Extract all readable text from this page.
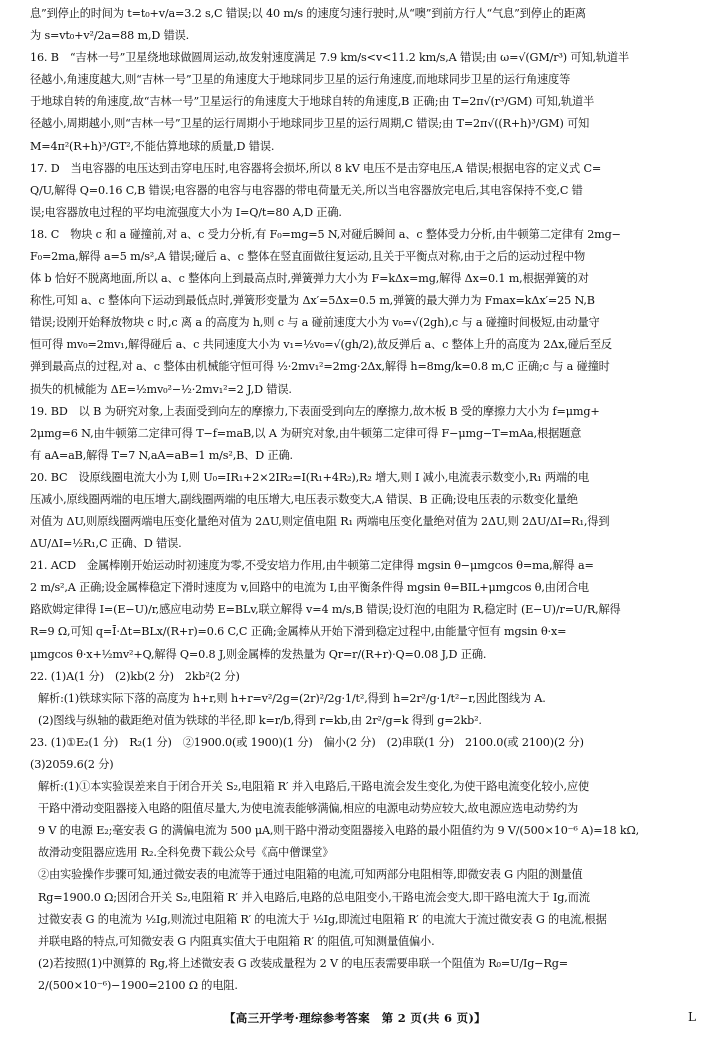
息”到停止的时间为 t=t₀+v/a=3.2 s,C 错误;以 40 m/s 的速度匀速行驶时,从“噢”到前方行人“气息”到停止的距离
为 s=vt₀+v²/2a=88 m,D 错误.
16. B　“吉林一号”卫星绕地球做圆周运动,故发射速度满足 7.9 km/s<v<11.2 km/s,A 错误;由 ω=√(GM/r³) 可知,轨道半
径越小,角速度越大,则“吉林一号”卫星的角速度大于地球同步卫星的运行角速度,而地球同步卫星的运行角速度等
于地球自转的角速度,故“吉林一号”卫星运行的角速度大于地球自转的角速度,B 正确;由 T=2π√(r³/GM) 可知,轨道半
径越小,周期越小,则“吉林一号”卫星的运行周期小于地球同步卫星的运行周期,C 错误;由 T=2π√((R+h)³/GM) 可知
M=4π²(R+h)³/GT²,不能估算地球的质量,D 错误.
17. D　当电容器的电压达到击穿电压时,电容器将会损坏,所以 8 kV 电压不是击穿电压,A 错误;根据电容的定义式 C=
Q/U,解得 Q=0.16 C,B 错误;电容器的电容与电容器的带电荷量无关,所以当电容器放完电后,其电容保持不变,C 错
误;电容器放电过程的平均电流强度大小为 I=Q/t=80 A,D 正确.
18. C　物块 c 和 a 碰撞前,对 a、c 受力分析,有 F₀=mg=5 N,对碰后瞬间 a、c 整体受力分析,由牛顿第二定律有 2mg−
F₀=2ma,解得 a=5 m/s²,A 错误;碰后 a、c 整体在竖直面做往复运动,且关于平衡点对称,由于之后的运动过程中物
体 b 恰好不脱离地面,所以 a、c 整体向上到最高点时,弹簧弹力大小为 F=kΔx=mg,解得 Δx=0.1 m,根据弹簧的对
称性,可知 a、c 整体向下运动到最低点时,弹簧形变量为 Δx′=5Δx=0.5 m,弹簧的最大弹力为 Fmax=kΔx′=25 N,B
错误;设刚开始释放物块 c 时,c 离 a 的高度为 h,则 c 与 a 碰前速度大小为 v₀=√(2gh),c 与 a 碰撞时间极短,由动量守
恒可得 mv₀=2mv₁,解得碰后 a、c 共同速度大小为 v₁=½v₀=√(gh/2),故反弹后 a、c 整体上升的高度为 2Δx,碰后至反
弹到最高点的过程,对 a、c 整体由机械能守恒可得 ½·2mv₁²=2mg·2Δx,解得 h=8mg/k=0.8 m,C 正确;c 与 a 碰撞时
损失的机械能为 ΔE=½mv₀²−½·2mv₁²=2 J,D 错误.
19. BD　以 B 为研究对象,上表面受到向左的摩擦力,下表面受到向左的摩擦力,故木板 B 受的摩擦力大小为 f=μmg+
2μmg=6 N,由牛顿第二定律可得 T−f=maB,以 A 为研究对象,由牛顿第二定律可得 F−μmg−T=mAa,根据题意
有 aA=aB,解得 T=7 N,aA=aB=1 m/s²,B、D 正确.
20. BC　设原线圈电流大小为 I,则 U₀=IR₁+2×2IR₂=I(R₁+4R₂),R₂ 增大,则 I 减小,电流表示数变小,R₁ 两端的电
压减小,原线圈两端的电压增大,副线圈两端的电压增大,电压表示数变大,A 错误、B 正确;设电压表的示数变化量绝
对值为 ΔU,则原线圈两端电压变化量绝对值为 2ΔU,则定值电阻 R₁ 两端电压变化量绝对值为 2ΔU,则 2ΔU/ΔI=R₁,得到
ΔU/ΔI=½R₁,C 正确、D 错误.
21. ACD　金属棒刚开始运动时初速度为零,不受安培力作用,由牛顿第二定律得 mgsin θ−μmgcos θ=ma,解得 a=
2 m/s²,A 正确;设金属棒稳定下滑时速度为 v,回路中的电流为 I,由平衡条件得 mgsin θ=BIL+μmgcos θ,由闭合电
路欧姆定律得 I=(E−U)/r,感应电动势 E=BLv,联立解得 v=4 m/s,B 错误;设灯泡的电阻为 R,稳定时 (E−U)/r=U/R,解得
R=9 Ω,可知 q=Ī·Δt=BLx/(R+r)=0.6 C,C 正确;金属棒从开始下滑到稳定过程中,由能量守恒有 mgsin θ·x=
μmgcos θ·x+½mv²+Q,解得 Q=0.8 J,则金属棒的发热量为 Qr=r/(R+r)·Q=0.08 J,D 正确.
22. (1)A(1 分)　(2)kb(2 分)　2kb²(2 分)
解析:(1)铁球实际下落的高度为 h+r,则 h+r=v²/2g=(2r)²/2g·1/t²,得到 h=2r²/g·1/t²−r,因此图线为 A.
(2)图线与纵轴的截距绝对值为铁球的半径,即 k=r/b,得到 r=kb,由 2r²/g=k 得到 g=2kb².
23. (1)①E₂(1 分)　R₂(1 分)　②1900.0(或 1900)(1 分)　偏小(2 分)　(2)串联(1 分)　2100.0(或 2100)(2 分)
(3)2059.6(2 分)
解析:(1)①本实验误差来自于闭合开关 S₂,电阻箱 R′ 并入电路后,干路电流会发生变化,为使干路电流变化较小,应使
干路中滑动变阻器接入电路的阻值尽量大,为使电流表能够满偏,相应的电源电动势应较大,故电源应选电动势约为
9 V 的电源 E₂;毫安表 G 的满偏电流为 500 μA,则干路中滑动变阻器接入电路的最小阻值约为 9 V/(500×10⁻⁶ A)=18 kΩ,
故滑动变阻器应选用 R₂.全科免费下载公众号《高中僧课堂》
②由实验操作步骤可知,通过微安表的电流等于通过电阻箱的电流,可知两部分电阻相等,即微安表 G 内阻的测量值
Rg=1900.0 Ω;因闭合开关 S₂,电阻箱 R′ 并入电路后,电路的总电阻变小,干路电流会变大,即干路电流大于 Ig,而流
过微安表 G 的电流为 ½Ig,则流过电阻箱 R′ 的电流大于 ½Ig,即流过电阻箱 R′ 的电流大于流过微安表 G 的电流,根据
并联电路的特点,可知微安表 G 内阻真实值大于电阻箱 R′ 的阻值,可知测量值偏小.
(2)若按照(1)中测算的 Rg,将上述微安表 G 改装成量程为 2 V 的电压表需要串联一个阻值为 R₀=U/Ig−Rg=
2/(500×10⁻⁶)−1900=2100 Ω 的电阻.
【高三开学考·理综参考答案　第 2 页(共 6 页)】	L
